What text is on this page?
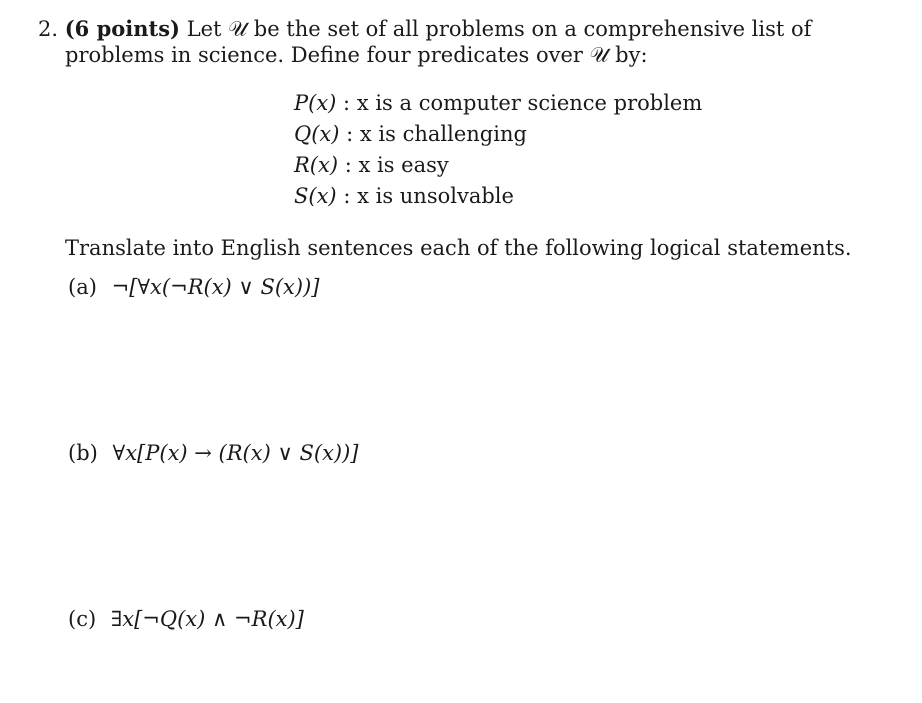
2. (6 points) Let 𝒰 be the set of all problems on a comprehensive list of problems in science. Define four predicates over 𝒰 by:

P(x) : x is a computer science problem
Q(x) : x is challenging
R(x) : x is easy
S(x) : x is unsolvable

Translate into English sentences each of the following logical statements.

(a) ¬[∀x(¬R(x) ∨ S(x))]
(b) ∀x[P(x) → (R(x) ∨ S(x))]
(c) ∃x[¬Q(x) ∧ ¬R(x)]
